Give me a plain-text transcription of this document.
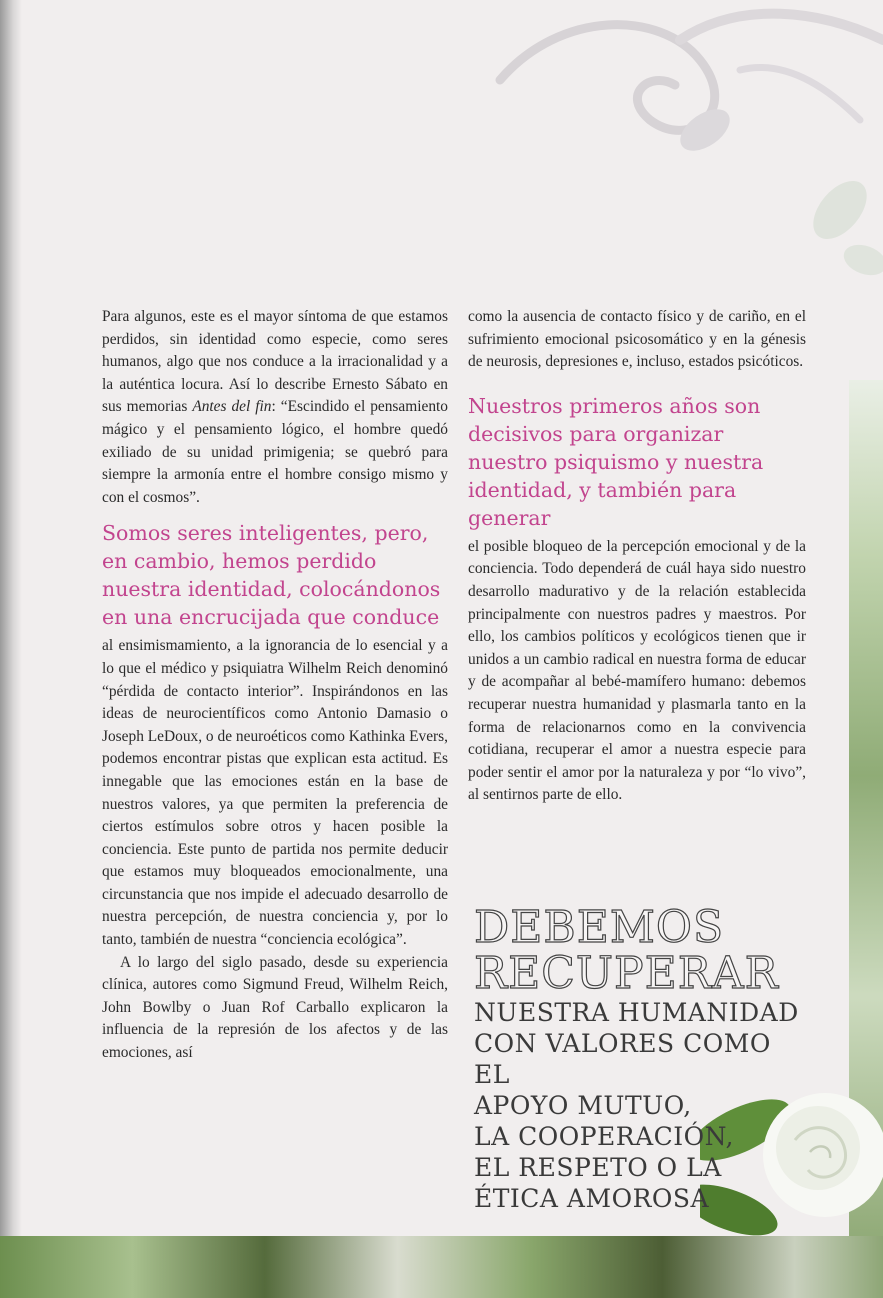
Para algunos, este es el mayor síntoma de que estamos perdidos, sin identidad como especie, como seres humanos, algo que nos conduce a la irracionalidad y a la auténtica locura. Así lo describe Ernesto Sábato en sus memorias Antes del fin: “Escindido el pensamiento mágico y el pensamiento lógico, el hombre quedó exiliado de su unidad primigenia; se quebró para siempre la armonía entre el hombre consigo mismo y con el cosmos”.

Somos seres inteligentes, pero, en cambio, hemos perdido nuestra identidad, colocándonos en una encrucijada que conduce

al ensimismamiento, a la ignorancia de lo esencial y a lo que el médico y psiquiatra Wilhelm Reich denominó “pérdida de contacto interior”. Inspirándonos en las ideas de neurocientíficos como Antonio Damasio o Joseph LeDoux, o de neuroéticos como Kathinka Evers, podemos encontrar pistas que explican esta actitud. Es innegable que las emociones están en la base de nuestros valores, ya que permiten la preferencia de ciertos estímulos sobre otros y hacen posible la conciencia. Este punto de partida nos permite deducir que estamos muy bloqueados emocionalmente, una circunstancia que nos impide el adecuado desarrollo de nuestra percepción, de nuestra conciencia y, por lo tanto, también de nuestra “conciencia ecológica”.

A lo largo del siglo pasado, desde su experiencia clínica, autores como Sigmund Freud, Wilhelm Reich, John Bowlby o Juan Rof Carballo explicaron la influencia de la represión de los afectos y de las emociones, así

como la ausencia de contacto físico y de cariño, en el sufrimiento emocional psicosomático y en la génesis de neurosis, depresiones e, incluso, estados psicóticos.

Nuestros primeros años son decisivos para organizar nuestro psiquismo y nuestra identidad, y también para generar

el posible bloqueo de la percepción emocional y de la conciencia. Todo dependerá de cuál haya sido nuestro desarrollo madurativo y de la relación establecida principalmente con nuestros padres y maestros. Por ello, los cambios políticos y ecológicos tienen que ir unidos a un cambio radical en nuestra forma de educar y de acompañar al bebé-mamífero humano: debemos recuperar nuestra humanidad y plasmarla tanto en la forma de relacionarnos como en la convivencia cotidiana, recuperar el amor a nuestra especie para poder sentir el amor por la naturaleza y por “lo vivo”, al sentirnos parte de ello.

DEBEMOS
RECUPERAR
NUESTRA HUMANIDAD
CON VALORES COMO EL
APOYO MUTUO,
LA COOPERACIÓN,
EL RESPETO O LA
ÉTICA AMOROSA
